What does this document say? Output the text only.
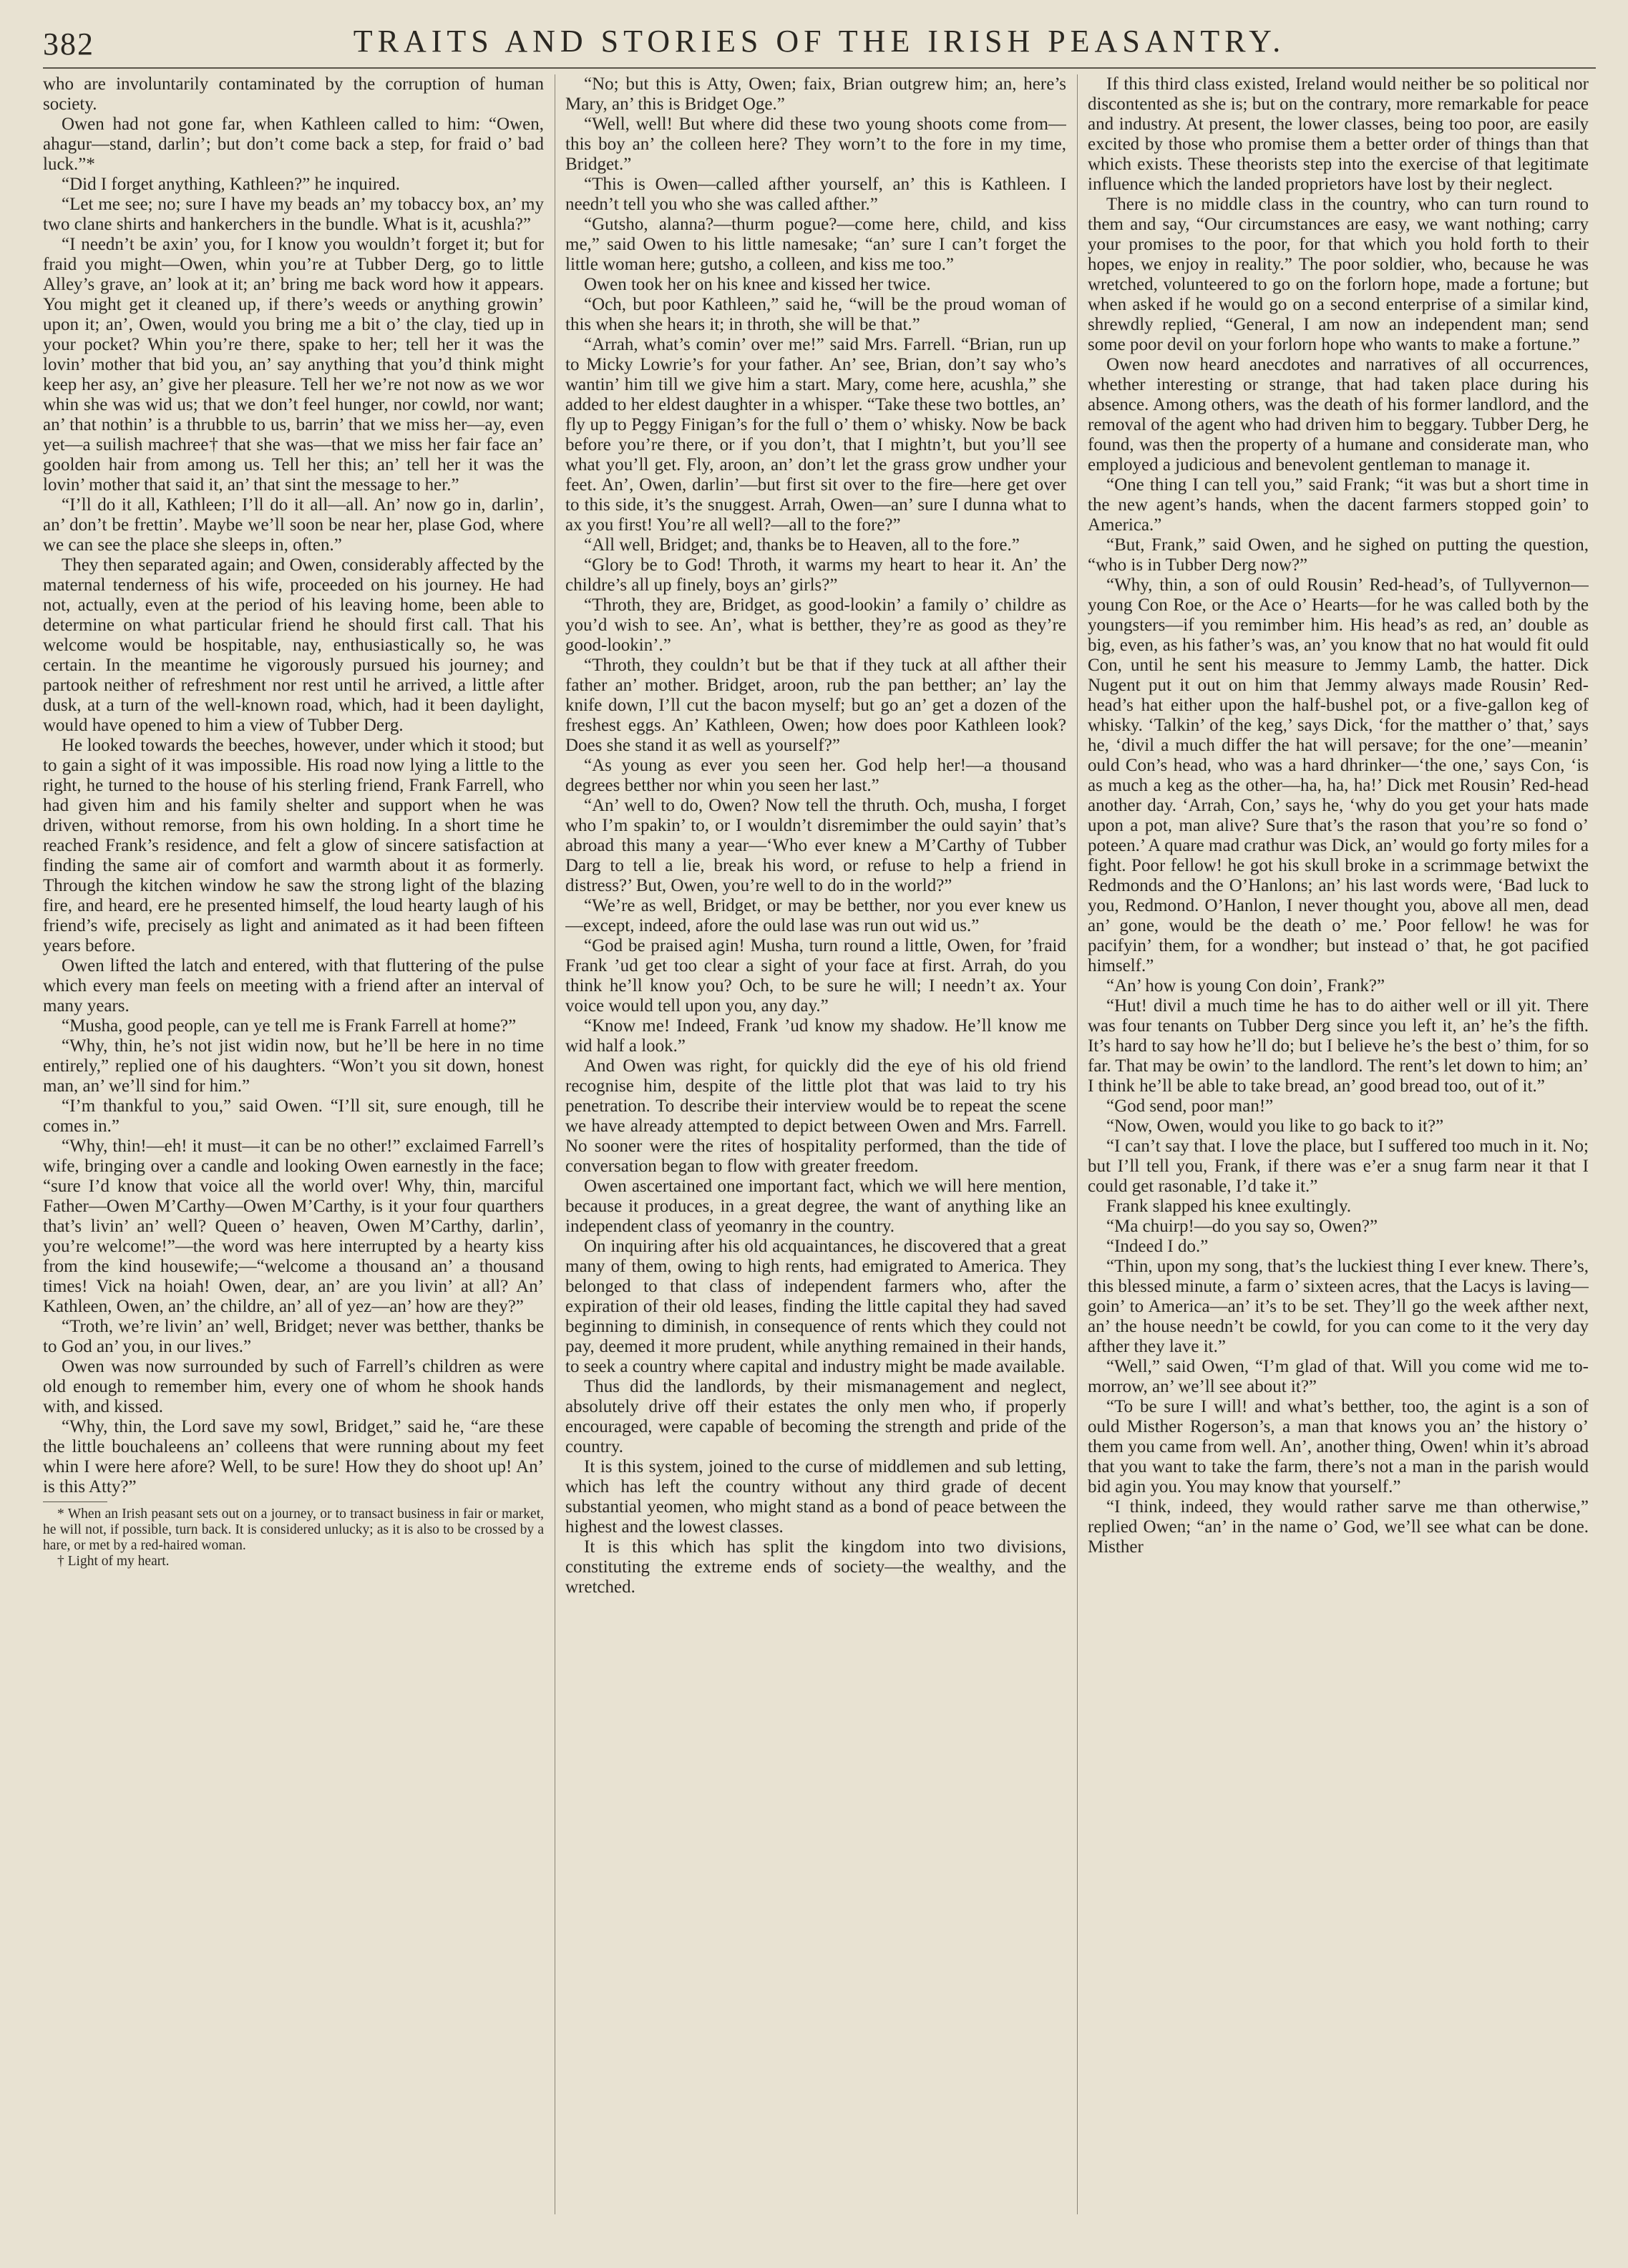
382	TRAITS AND STORIES OF THE IRISH PEASANTRY.

who are involuntarily contaminated by the corruption of human society.

Owen had not gone far, when Kathleen called to him: “Owen, ahagur—stand, darlin’; but don’t come back a step, for fraid o’ bad luck.”*

“Did I forget anything, Kathleen?” he inquired.

“Let me see; no; sure I have my beads an’ my tobaccy box, an’ my two clane shirts and hankerchers in the bundle. What is it, acushla?”

“I needn’t be axin’ you, for I know you wouldn’t forget it; but for fraid you might—Owen, whin you’re at Tubber Derg, go to little Alley’s grave, an’ look at it; an’ bring me back word how it appears. You might get it cleaned up, if there’s weeds or anything growin’ upon it; an’, Owen, would you bring me a bit o’ the clay, tied up in your pocket? Whin you’re there, spake to her; tell her it was the lovin’ mother that bid you, an’ say anything that you’d think might keep her asy, an’ give her pleasure. Tell her we’re not now as we wor whin she was wid us; that we don’t feel hunger, nor cowld, nor want; an’ that nothin’ is a thrubble to us, barrin’ that we miss her—ay, even yet—a suilish machree† that she was—that we miss her fair face an’ goolden hair from among us. Tell her this; an’ tell her it was the lovin’ mother that said it, an’ that sint the message to her.”

“I’ll do it all, Kathleen; I’ll do it all—all. An’ now go in, darlin’, an’ don’t be frettin’. Maybe we’ll soon be near her, plase God, where we can see the place she sleeps in, often.”

They then separated again; and Owen, considerably affected by the maternal tenderness of his wife, proceeded on his journey. He had not, actually, even at the period of his leaving home, been able to determine on what particular friend he should first call. That his welcome would be hospitable, nay, enthusiastically so, he was certain. In the meantime he vigorously pursued his journey; and partook neither of refreshment nor rest until he arrived, a little after dusk, at a turn of the well-known road, which, had it been daylight, would have opened to him a view of Tubber Derg.

He looked towards the beeches, however, under which it stood; but to gain a sight of it was impossible. His road now lying a little to the right, he turned to the house of his sterling friend, Frank Farrell, who had given him and his family shelter and support when he was driven, without remorse, from his own holding. In a short time he reached Frank’s residence, and felt a glow of sincere satisfaction at finding the same air of comfort and warmth about it as formerly. Through the kitchen window he saw the strong light of the blazing fire, and heard, ere he presented himself, the loud hearty laugh of his friend’s wife, precisely as light and animated as it had been fifteen years before.

Owen lifted the latch and entered, with that fluttering of the pulse which every man feels on meeting with a friend after an interval of many years.

“Musha, good people, can ye tell me is Frank Farrell at home?”

“Why, thin, he’s not jist widin now, but he’ll be here in no time entirely,” replied one of his daughters. “Won’t you sit down, honest man, an’ we’ll sind for him.”

“I’m thankful to you,” said Owen. “I’ll sit, sure enough, till he comes in.”

“Why, thin!—eh! it must—it can be no other!” exclaimed Farrell’s wife, bringing over a candle and looking Owen earnestly in the face; “sure I’d know that voice all the world over! Why, thin, marciful Father—Owen M’Carthy—Owen M’Carthy, is it your four quarthers that’s livin’ an’ well? Queen o’ heaven, Owen M’Carthy, darlin’, you’re welcome!”—the word was here interrupted by a hearty kiss from the kind housewife;—“welcome a thousand an’ a thousand times! Vick na hoiah! Owen, dear, an’ are you livin’ at all? An’ Kathleen, Owen, an’ the childre, an’ all of yez—an’ how are they?”

“Troth, we’re livin’ an’ well, Bridget; never was betther, thanks be to God an’ you, in our lives.”

Owen was now surrounded by such of Farrell’s children as were old enough to remember him, every one of whom he shook hands with, and kissed.

“Why, thin, the Lord save my sowl, Bridget,” said he, “are these the little bouchaleens an’ colleens that were running about my feet whin I were here afore? Well, to be sure! How they do shoot up! An’ is this Atty?”

* When an Irish peasant sets out on a journey, or to transact business in fair or market, he will not, if possible, turn back. It is considered unlucky; as it is also to be crossed by a hare, or met by a red-haired woman.

† Light of my heart.

“No; but this is Atty, Owen; faix, Brian outgrew him; an, here’s Mary, an’ this is Bridget Oge.”

“Well, well! But where did these two young shoots come from—this boy an’ the colleen here? They worn’t to the fore in my time, Bridget.”

“This is Owen—called afther yourself, an’ this is Kathleen. I needn’t tell you who she was called afther.”

“Gutsho, alanna?—thurm pogue?—come here, child, and kiss me,” said Owen to his little namesake; “an’ sure I can’t forget the little woman here; gutsho, a colleen, and kiss me too.”

Owen took her on his knee and kissed her twice.

“Och, but poor Kathleen,” said he, “will be the proud woman of this when she hears it; in throth, she will be that.”

“Arrah, what’s comin’ over me!” said Mrs. Farrell. “Brian, run up to Micky Lowrie’s for your father. An’ see, Brian, don’t say who’s wantin’ him till we give him a start. Mary, come here, acushla,” she added to her eldest daughter in a whisper. “Take these two bottles, an’ fly up to Peggy Finigan’s for the full o’ them o’ whisky. Now be back before you’re there, or if you don’t, that I mightn’t, but you’ll see what you’ll get. Fly, aroon, an’ don’t let the grass grow undher your feet. An’, Owen, darlin’—but first sit over to the fire—here get over to this side, it’s the snuggest. Arrah, Owen—an’ sure I dunna what to ax you first! You’re all well?—all to the fore?”

“All well, Bridget; and, thanks be to Heaven, all to the fore.”

“Glory be to God! Throth, it warms my heart to hear it. An’ the childre’s all up finely, boys an’ girls?”

“Throth, they are, Bridget, as good-lookin’ a family o’ childre as you’d wish to see. An’, what is betther, they’re as good as they’re good-lookin’.”

“Throth, they couldn’t but be that if they tuck at all afther their father an’ mother. Bridget, aroon, rub the pan betther; an’ lay the knife down, I’ll cut the bacon myself; but go an’ get a dozen of the freshest eggs. An’ Kathleen, Owen; how does poor Kathleen look? Does she stand it as well as yourself?”

“As young as ever you seen her. God help her!—a thousand degrees betther nor whin you seen her last.”

“An’ well to do, Owen? Now tell the thruth. Och, musha, I forget who I’m spakin’ to, or I wouldn’t disremimber the ould sayin’ that’s abroad this many a year—‘Who ever knew a M’Carthy of Tubber Darg to tell a lie, break his word, or refuse to help a friend in distress?’ But, Owen, you’re well to do in the world?”

“We’re as well, Bridget, or may be betther, nor you ever knew us—except, indeed, afore the ould lase was run out wid us.”

“God be praised agin! Musha, turn round a little, Owen, for ’fraid Frank ’ud get too clear a sight of your face at first. Arrah, do you think he’ll know you? Och, to be sure he will; I needn’t ax. Your voice would tell upon you, any day.”

“Know me! Indeed, Frank ’ud know my shadow. He’ll know me wid half a look.”

And Owen was right, for quickly did the eye of his old friend recognise him, despite of the little plot that was laid to try his penetration. To describe their interview would be to repeat the scene we have already attempted to depict between Owen and Mrs. Farrell. No sooner were the rites of hospitality performed, than the tide of conversation began to flow with greater freedom.

Owen ascertained one important fact, which we will here mention, because it produces, in a great degree, the want of anything like an independent class of yeomanry in the country.

On inquiring after his old acquaintances, he discovered that a great many of them, owing to high rents, had emigrated to America. They belonged to that class of independent farmers who, after the expiration of their old leases, finding the little capital they had saved beginning to diminish, in consequence of rents which they could not pay, deemed it more prudent, while anything remained in their hands, to seek a country where capital and industry might be made available.

Thus did the landlords, by their mismanagement and neglect, absolutely drive off their estates the only men who, if properly encouraged, were capable of becoming the strength and pride of the country.

It is this system, joined to the curse of middlemen and sub letting, which has left the country without any third grade of decent substantial yeomen, who might stand as a bond of peace between the highest and the lowest classes.

It is this which has split the kingdom into two divisions, constituting the extreme ends of society—the wealthy, and the wretched.

If this third class existed, Ireland would neither be so political nor discontented as she is; but on the contrary, more remarkable for peace and industry. At present, the lower classes, being too poor, are easily excited by those who promise them a better order of things than that which exists. These theorists step into the exercise of that legitimate influence which the landed proprietors have lost by their neglect.

There is no middle class in the country, who can turn round to them and say, “Our circumstances are easy, we want nothing; carry your promises to the poor, for that which you hold forth to their hopes, we enjoy in reality.” The poor soldier, who, because he was wretched, volunteered to go on the forlorn hope, made a fortune; but when asked if he would go on a second enterprise of a similar kind, shrewdly replied, “General, I am now an independent man; send some poor devil on your forlorn hope who wants to make a fortune.”

Owen now heard anecdotes and narratives of all occurrences, whether interesting or strange, that had taken place during his absence. Among others, was the death of his former landlord, and the removal of the agent who had driven him to beggary. Tubber Derg, he found, was then the property of a humane and considerate man, who employed a judicious and benevolent gentleman to manage it.

“One thing I can tell you,” said Frank; “it was but a short time in the new agent’s hands, when the dacent farmers stopped goin’ to America.”

“But, Frank,” said Owen, and he sighed on putting the question, “who is in Tubber Derg now?”

“Why, thin, a son of ould Rousin’ Red-head’s, of Tullyvernon—young Con Roe, or the Ace o’ Hearts—for he was called both by the youngsters—if you remimber him. His head’s as red, an’ double as big, even, as his father’s was, an’ you know that no hat would fit ould Con, until he sent his measure to Jemmy Lamb, the hatter. Dick Nugent put it out on him that Jemmy always made Rousin’ Red-head’s hat either upon the half-bushel pot, or a five-gallon keg of whisky. ‘Talkin’ of the keg,’ says Dick, ‘for the matther o’ that,’ says he, ‘divil a much differ the hat will persave; for the one’—meanin’ ould Con’s head, who was a hard dhrinker—‘the one,’ says Con, ‘is as much a keg as the other—ha, ha, ha!’ Dick met Rousin’ Red-head another day. ‘Arrah, Con,’ says he, ‘why do you get your hats made upon a pot, man alive? Sure that’s the rason that you’re so fond o’ poteen.’ A quare mad crathur was Dick, an’ would go forty miles for a fight. Poor fellow! he got his skull broke in a scrimmage betwixt the Redmonds and the O’Hanlons; an’ his last words were, ‘Bad luck to you, Redmond. O’Hanlon, I never thought you, above all men, dead an’ gone, would be the death o’ me.’ Poor fellow! he was for pacifyin’ them, for a wondher; but instead o’ that, he got pacified himself.”

“An’ how is young Con doin’, Frank?”

“Hut! divil a much time he has to do aither well or ill yit. There was four tenants on Tubber Derg since you left it, an’ he’s the fifth. It’s hard to say how he’ll do; but I believe he’s the best o’ thim, for so far. That may be owin’ to the landlord. The rent’s let down to him; an’ I think he’ll be able to take bread, an’ good bread too, out of it.”

“God send, poor man!”

“Now, Owen, would you like to go back to it?”

“I can’t say that. I love the place, but I suffered too much in it. No; but I’ll tell you, Frank, if there was e’er a snug farm near it that I could get rasonable, I’d take it.”

Frank slapped his knee exultingly.

“Ma chuirp!—do you say so, Owen?”

“Indeed I do.”

“Thin, upon my song, that’s the luckiest thing I ever knew. There’s, this blessed minute, a farm o’ sixteen acres, that the Lacys is laving—goin’ to America—an’ it’s to be set. They’ll go the week afther next, an’ the house needn’t be cowld, for you can come to it the very day afther they lave it.”

“Well,” said Owen, “I’m glad of that. Will you come wid me to-morrow, an’ we’ll see about it?”

“To be sure I will! and what’s betther, too, the agint is a son of ould Misther Rogerson’s, a man that knows you an’ the history o’ them you came from well. An’, another thing, Owen! whin it’s abroad that you want to take the farm, there’s not a man in the parish would bid agin you. You may know that yourself.”

“I think, indeed, they would rather sarve me than otherwise,” replied Owen; “an’ in the name o’ God, we’ll see what can be done. Misther
